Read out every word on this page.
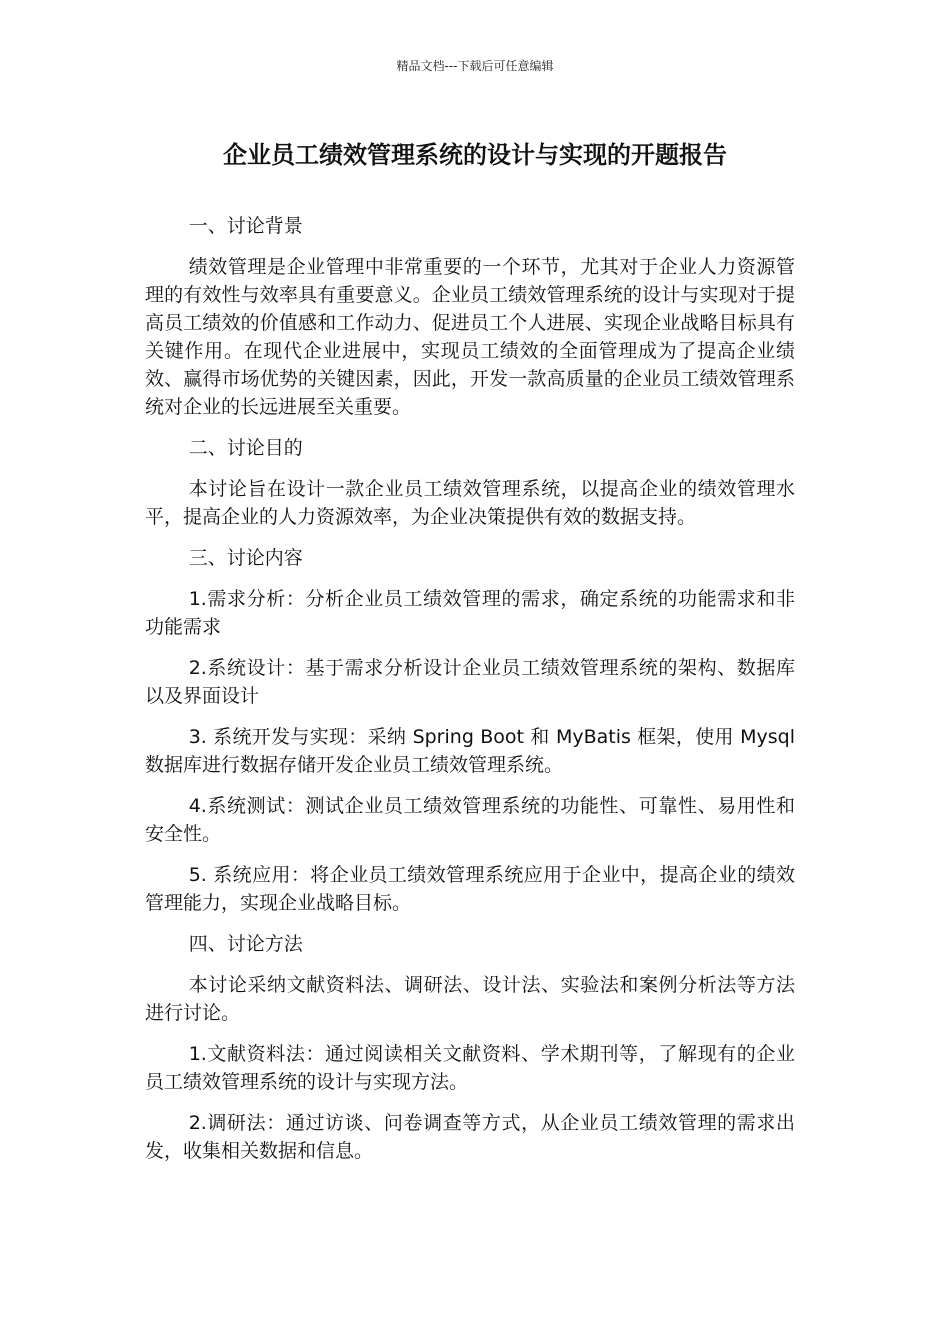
精品文档---下载后可任意编辑
企业员工绩效管理系统的设计与实现的开题报告

一、讨论背景

绩效管理是企业管理中非常重要的一个环节，尤其对于企业人力资源管理的有效性与效率具有重要意义。企业员工绩效管理系统的设计与实现对于提高员工绩效的价值感和工作动力、促进员工个人进展、实现企业战略目标具有关键作用。在现代企业进展中，实现员工绩效的全面管理成为了提高企业绩效、赢得市场优势的关键因素，因此，开发一款高质量的企业员工绩效管理系统对企业的长远进展至关重要。

二、讨论目的

本讨论旨在设计一款企业员工绩效管理系统，以提高企业的绩效管理水平，提高企业的人力资源效率，为企业决策提供有效的数据支持。

三、讨论内容

1.需求分析：分析企业员工绩效管理的需求，确定系统的功能需求和非功能需求

2.系统设计：基于需求分析设计企业员工绩效管理系统的架构、数据库以及界面设计

3. 系统开发与实现：采纳 Spring Boot 和 MyBatis 框架，使用 Mysql 数据库进行数据存储开发企业员工绩效管理系统。

4.系统测试：测试企业员工绩效管理系统的功能性、可靠性、易用性和安全性。

5. 系统应用：将企业员工绩效管理系统应用于企业中，提高企业的绩效管理能力，实现企业战略目标。

四、讨论方法

本讨论采纳文献资料法、调研法、设计法、实验法和案例分析法等方法进行讨论。

1.文献资料法：通过阅读相关文献资料、学术期刊等，了解现有的企业员工绩效管理系统的设计与实现方法。

2.调研法：通过访谈、问卷调查等方式，从企业员工绩效管理的需求出发，收集相关数据和信息。
